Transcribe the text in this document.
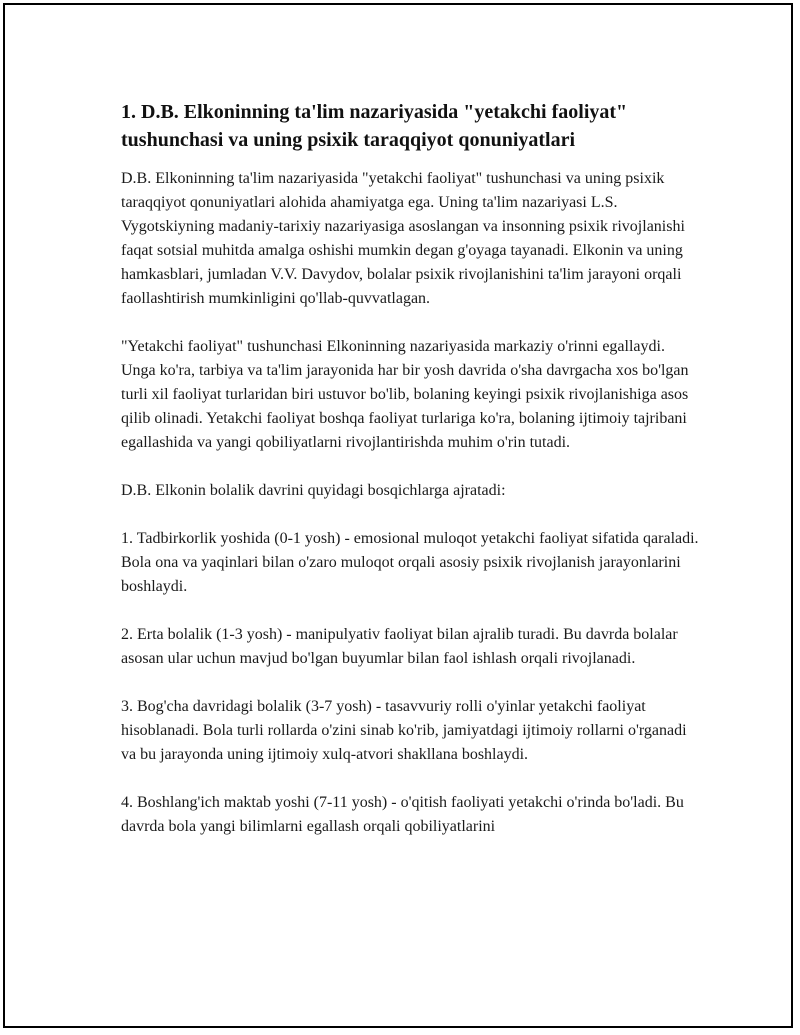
1. D.B. Elkoninning ta'lim nazariyasida "yetakchi faoliyat" tushunchasi va uning psixik taraqqiyot qonuniyatlari

D.B. Elkoninning ta'lim nazariyasida "yetakchi faoliyat" tushunchasi va uning psixik taraqqiyot qonuniyatlari alohida ahamiyatga ega. Uning ta'lim nazariyasi L.S. Vygotskiyning madaniy-tarixiy nazariyasiga asoslangan va insonning psixik rivojlanishi faqat sotsial muhitda amalga oshishi mumkin degan g'oyaga tayanadi. Elkonin va uning hamkasblari, jumladan V.V. Davydov, bolalar psixik rivojlanishini ta'lim jarayoni orqali faollashtirish mumkinligini qo'llab-quvvatlagan.

"Yetakchi faoliyat" tushunchasi Elkoninning nazariyasida markaziy o'rinni egallaydi. Unga ko'ra, tarbiya va ta'lim jarayonida har bir yosh davrida o'sha davrgacha xos bo'lgan turli xil faoliyat turlaridan biri ustuvor bo'lib, bolaning keyingi psixik rivojlanishiga asos qilib olinadi. Yetakchi faoliyat boshqa faoliyat turlariga ko'ra, bolaning ijtimoiy tajribani egallashida va yangi qobiliyatlarni rivojlantirishda muhim o'rin tutadi.

D.B. Elkonin bolalik davrini quyidagi bosqichlarga ajratadi:

1. Tadbirkorlik yoshida (0-1 yosh) - emosional muloqot yetakchi faoliyat sifatida qaraladi. Bola ona va yaqinlari bilan o'zaro muloqot orqali asosiy psixik rivojlanish jarayonlarini boshlaydi.

2. Erta bolalik (1-3 yosh) - manipulyativ faoliyat bilan ajralib turadi. Bu davrda bolalar asosan ular uchun mavjud bo'lgan buyumlar bilan faol ishlash orqali rivojlanadi.

3. Bog'cha davridagi bolalik (3-7 yosh) - tasavvuriy rolli o'yinlar yetakchi faoliyat hisoblanadi. Bola turli rollarda o'zini sinab ko'rib, jamiyatdagi ijtimoiy rollarni o'rganadi va bu jarayonda uning ijtimoiy xulq-atvori shakllana boshlaydi.

4. Boshlang'ich maktab yoshi (7-11 yosh) - o'qitish faoliyati yetakchi o'rinda bo'ladi. Bu davrda bola yangi bilimlarni egallash orqali qobiliyatlarini
